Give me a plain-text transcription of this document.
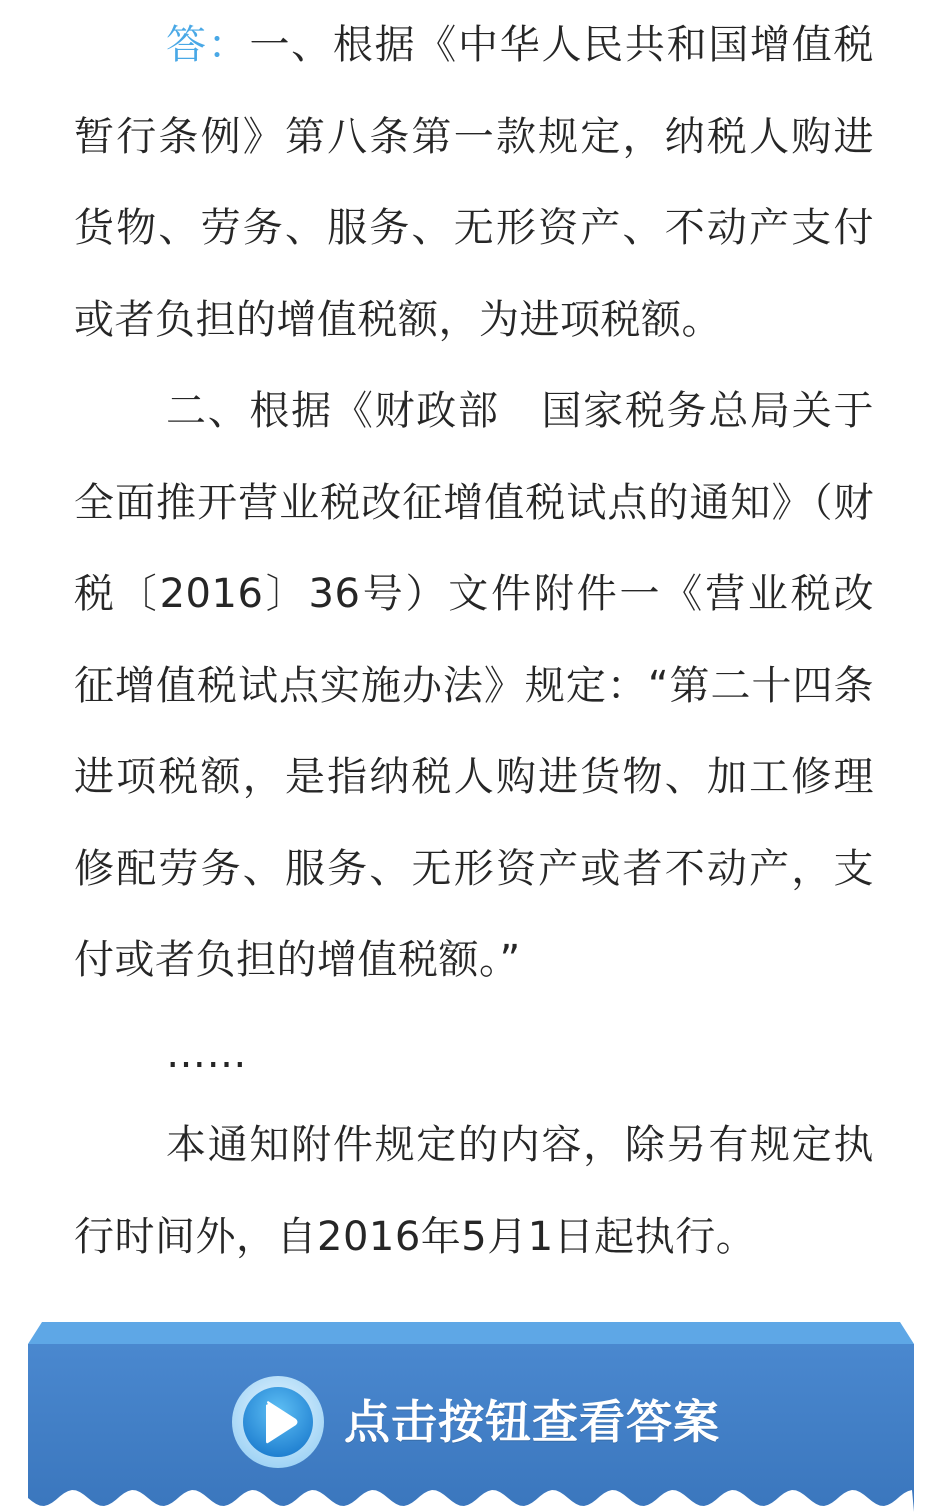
答：一、根据《中华人民共和国增值税暂行条例》第八条第一款规定，纳税人购进货物、劳务、服务、无形资产、不动产支付或者负担的增值税额，为进项税额。

二、根据《财政部　国家税务总局关于全面推开营业税改征增值税试点的通知》（财税〔2016〕36号）文件附件一《营业税改征增值税试点实施办法》规定：“第二十四条 进项税额，是指纳税人购进货物、加工修理修配劳务、服务、无形资产或者不动产，支付或者负担的增值税额。”

……

本通知附件规定的内容，除另有规定执行时间外，自2016年5月1日起执行。

点击按钮查看答案
